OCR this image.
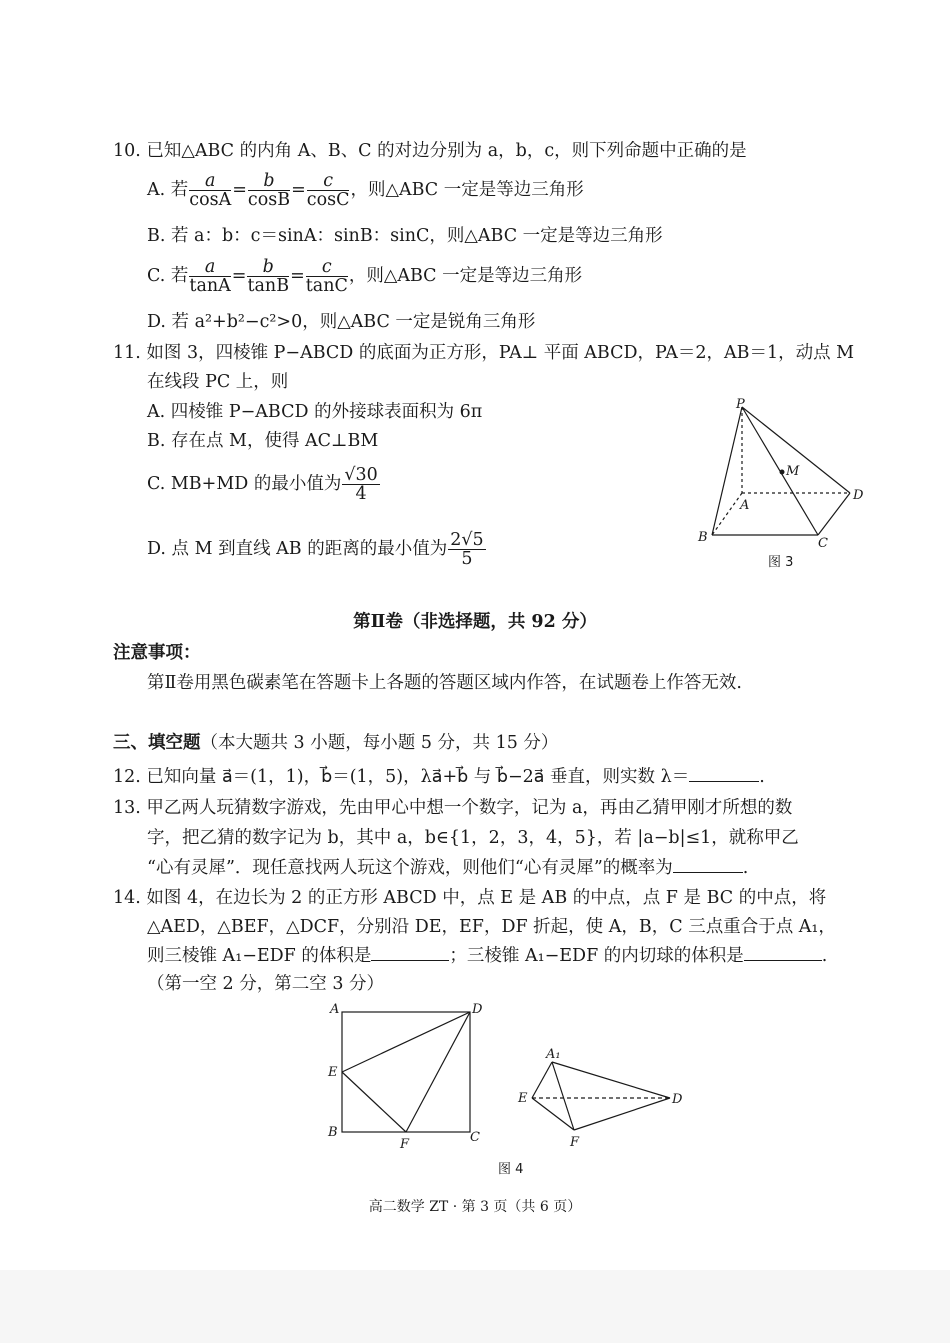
10. 已知△ABC 的内角 A、B、C 的对边分别为 a，b，c，则下列命题中正确的是
A. 若 $\frac{a}{\cos A} = \frac{b}{\cos B} = \frac{c}{\cos C}$ ，则△ABC 一定是等边三角形
B. 若 a：b：c＝sinA：sinB：sinC，则△ABC 一定是等边三角形
C. 若 $\frac{a}{\tan A} = \frac{b}{\tan B} = \frac{c}{\tan C}$ ，则△ABC 一定是等边三角形
D. 若 a²+b²−c²>0，则△ABC 一定是锐角三角形
11. 如图 3，四棱锥 P−ABCD 的底面为正方形，PA⊥ 平面 ABCD，PA＝2，AB＝1，动点 M
在线段 PC 上，则
A. 四棱锥 P−ABCD 的外接球表面积为 6π
B. 存在点 M，使得 AC⊥BM
C. MB+MD 的最小值为 $\frac{√30}{4}$
D. 点 M 到直线 AB 的距离的最小值为 $\frac{2√5}{5}$
P
M
A
D
B	C
图 3
第Ⅱ卷（非选择题，共 92 分）
注意事项：
第Ⅱ卷用黑色碳素笔在答题卡上各题的答题区域内作答，在试题卷上作答无效.
三、填空题（本大题共 3 小题，每小题 5 分，共 15 分）
12. 已知向量 a⃗＝(1，1)，b⃗＝(1，5)，λa⃗+b⃗ 与 b⃗−2a⃗ 垂直，则实数 λ＝	.
13. 甲乙两人玩猜数字游戏，先由甲心中想一个数字，记为 a，再由乙猜甲刚才所想的数
字，把乙猜的数字记为 b，其中 a，b∈{1，2，3，4，5}，若 |a−b|≤1，就称甲乙
“心有灵犀”．现任意找两人玩这个游戏，则他们“心有灵犀”的概率为	.
14. 如图 4，在边长为 2 的正方形 ABCD 中，点 E 是 AB 的中点，点 F 是 BC 的中点，将
△AED，△BEF，△DCF，分别沿 DE，EF，DF 折起，使 A，B，C 三点重合于点 A₁，
则三棱锥 A₁−EDF 的体积是	；三棱锥 A₁−EDF 的内切球的体积是	.
（第一空 2 分，第二空 3 分）
A	D
E
B
F	C
A₁
E	D
F
图 4
高二数学 ZT · 第 3 页（共 6 页）
